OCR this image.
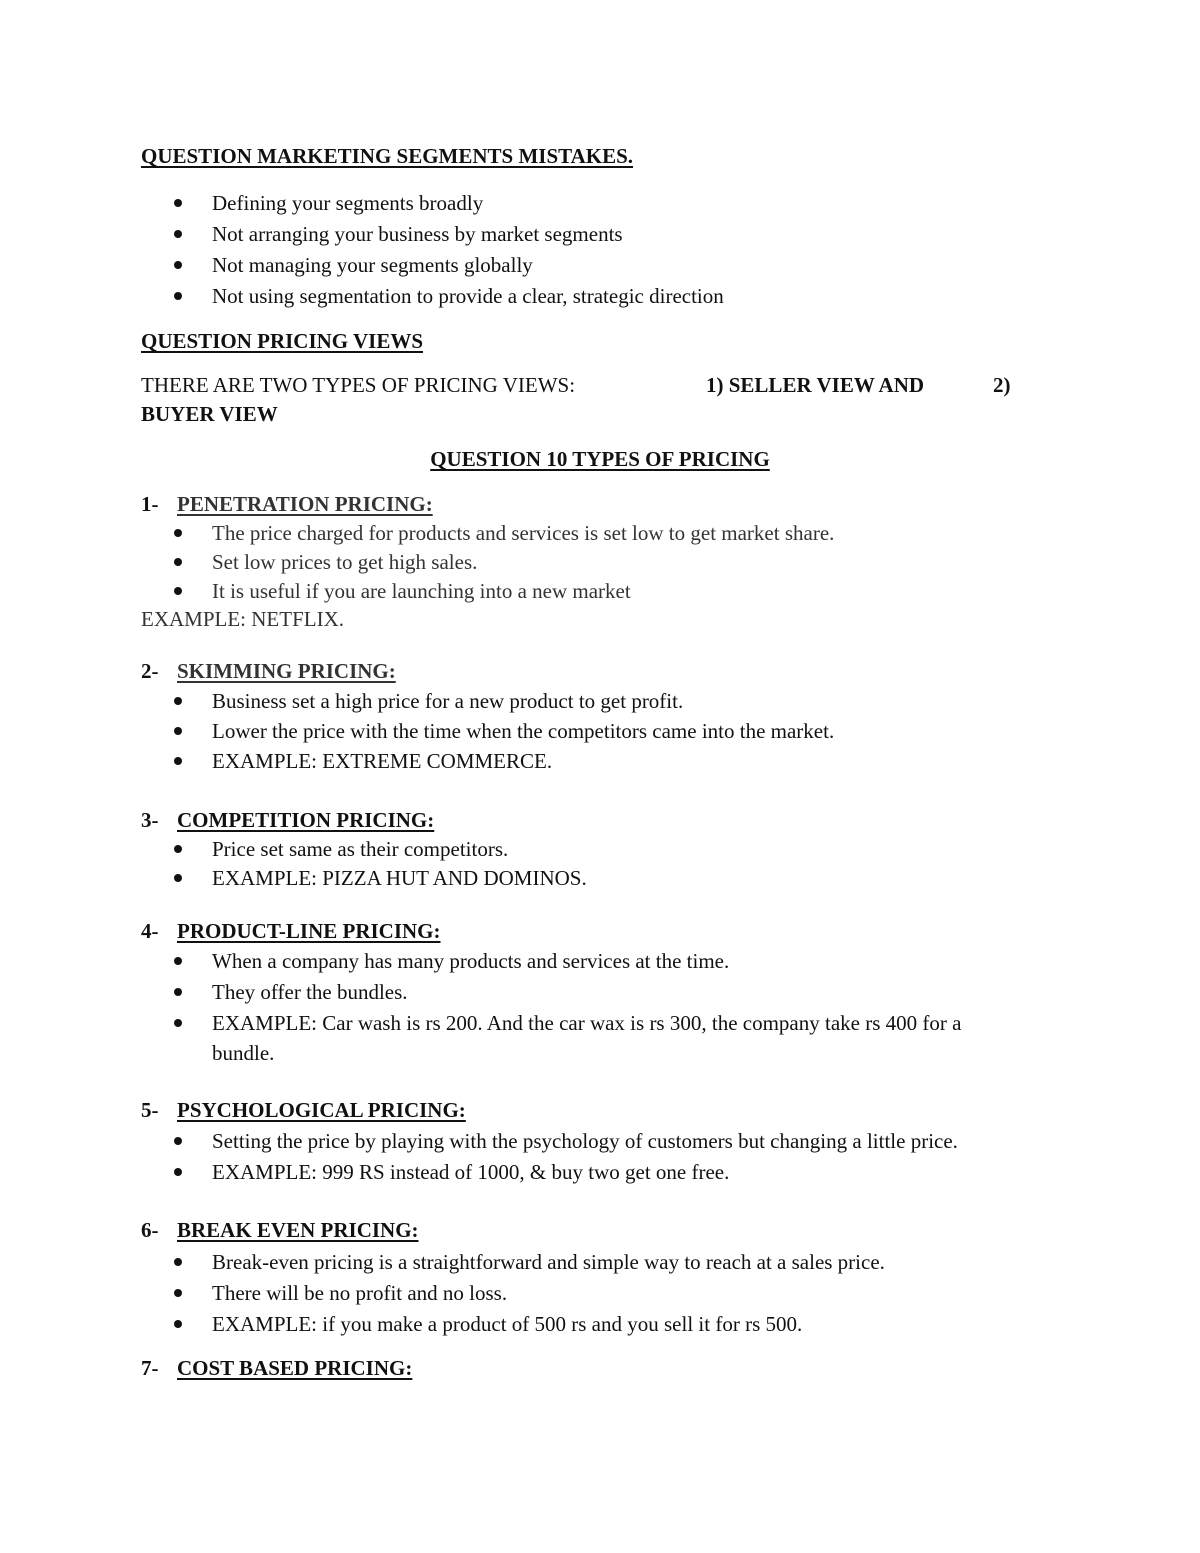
QUESTION MARKETING SEGMENTS MISTAKES.
Defining your segments broadly
Not arranging your business by market segments
Not managing your segments globally
Not using segmentation to provide a clear, strategic direction
QUESTION PRICING VIEWS
THERE ARE TWO TYPES OF PRICING VIEWS:	1) SELLER VIEW AND	2)
BUYER VIEW
QUESTION 10 TYPES OF PRICING
1- PENETRATION PRICING:
The price charged for products and services is set low to get market share.
Set low prices to get high sales.
It is useful if you are launching into a new market
EXAMPLE: NETFLIX.
2- SKIMMING PRICING:
Business set a high price for a new product to get profit.
Lower the price with the time when the competitors came into the market.
EXAMPLE: EXTREME COMMERCE.
3- COMPETITION PRICING:
Price set same as their competitors.
EXAMPLE: PIZZA HUT AND DOMINOS.
4- PRODUCT-LINE PRICING:
When a company has many products and services at the time.
They offer the bundles.
EXAMPLE: Car wash is rs 200. And the car wax is rs 300, the company take rs 400 for a
bundle.
5- PSYCHOLOGICAL PRICING:
Setting the price by playing with the psychology of customers but changing a little price.
EXAMPLE: 999 RS instead of 1000, & buy two get one free.
6- BREAK EVEN PRICING:
Break-even pricing is a straightforward and simple way to reach at a sales price.
There will be no profit and no loss.
EXAMPLE: if you make a product of 500 rs and you sell it for rs 500.
7- COST BASED PRICING:
